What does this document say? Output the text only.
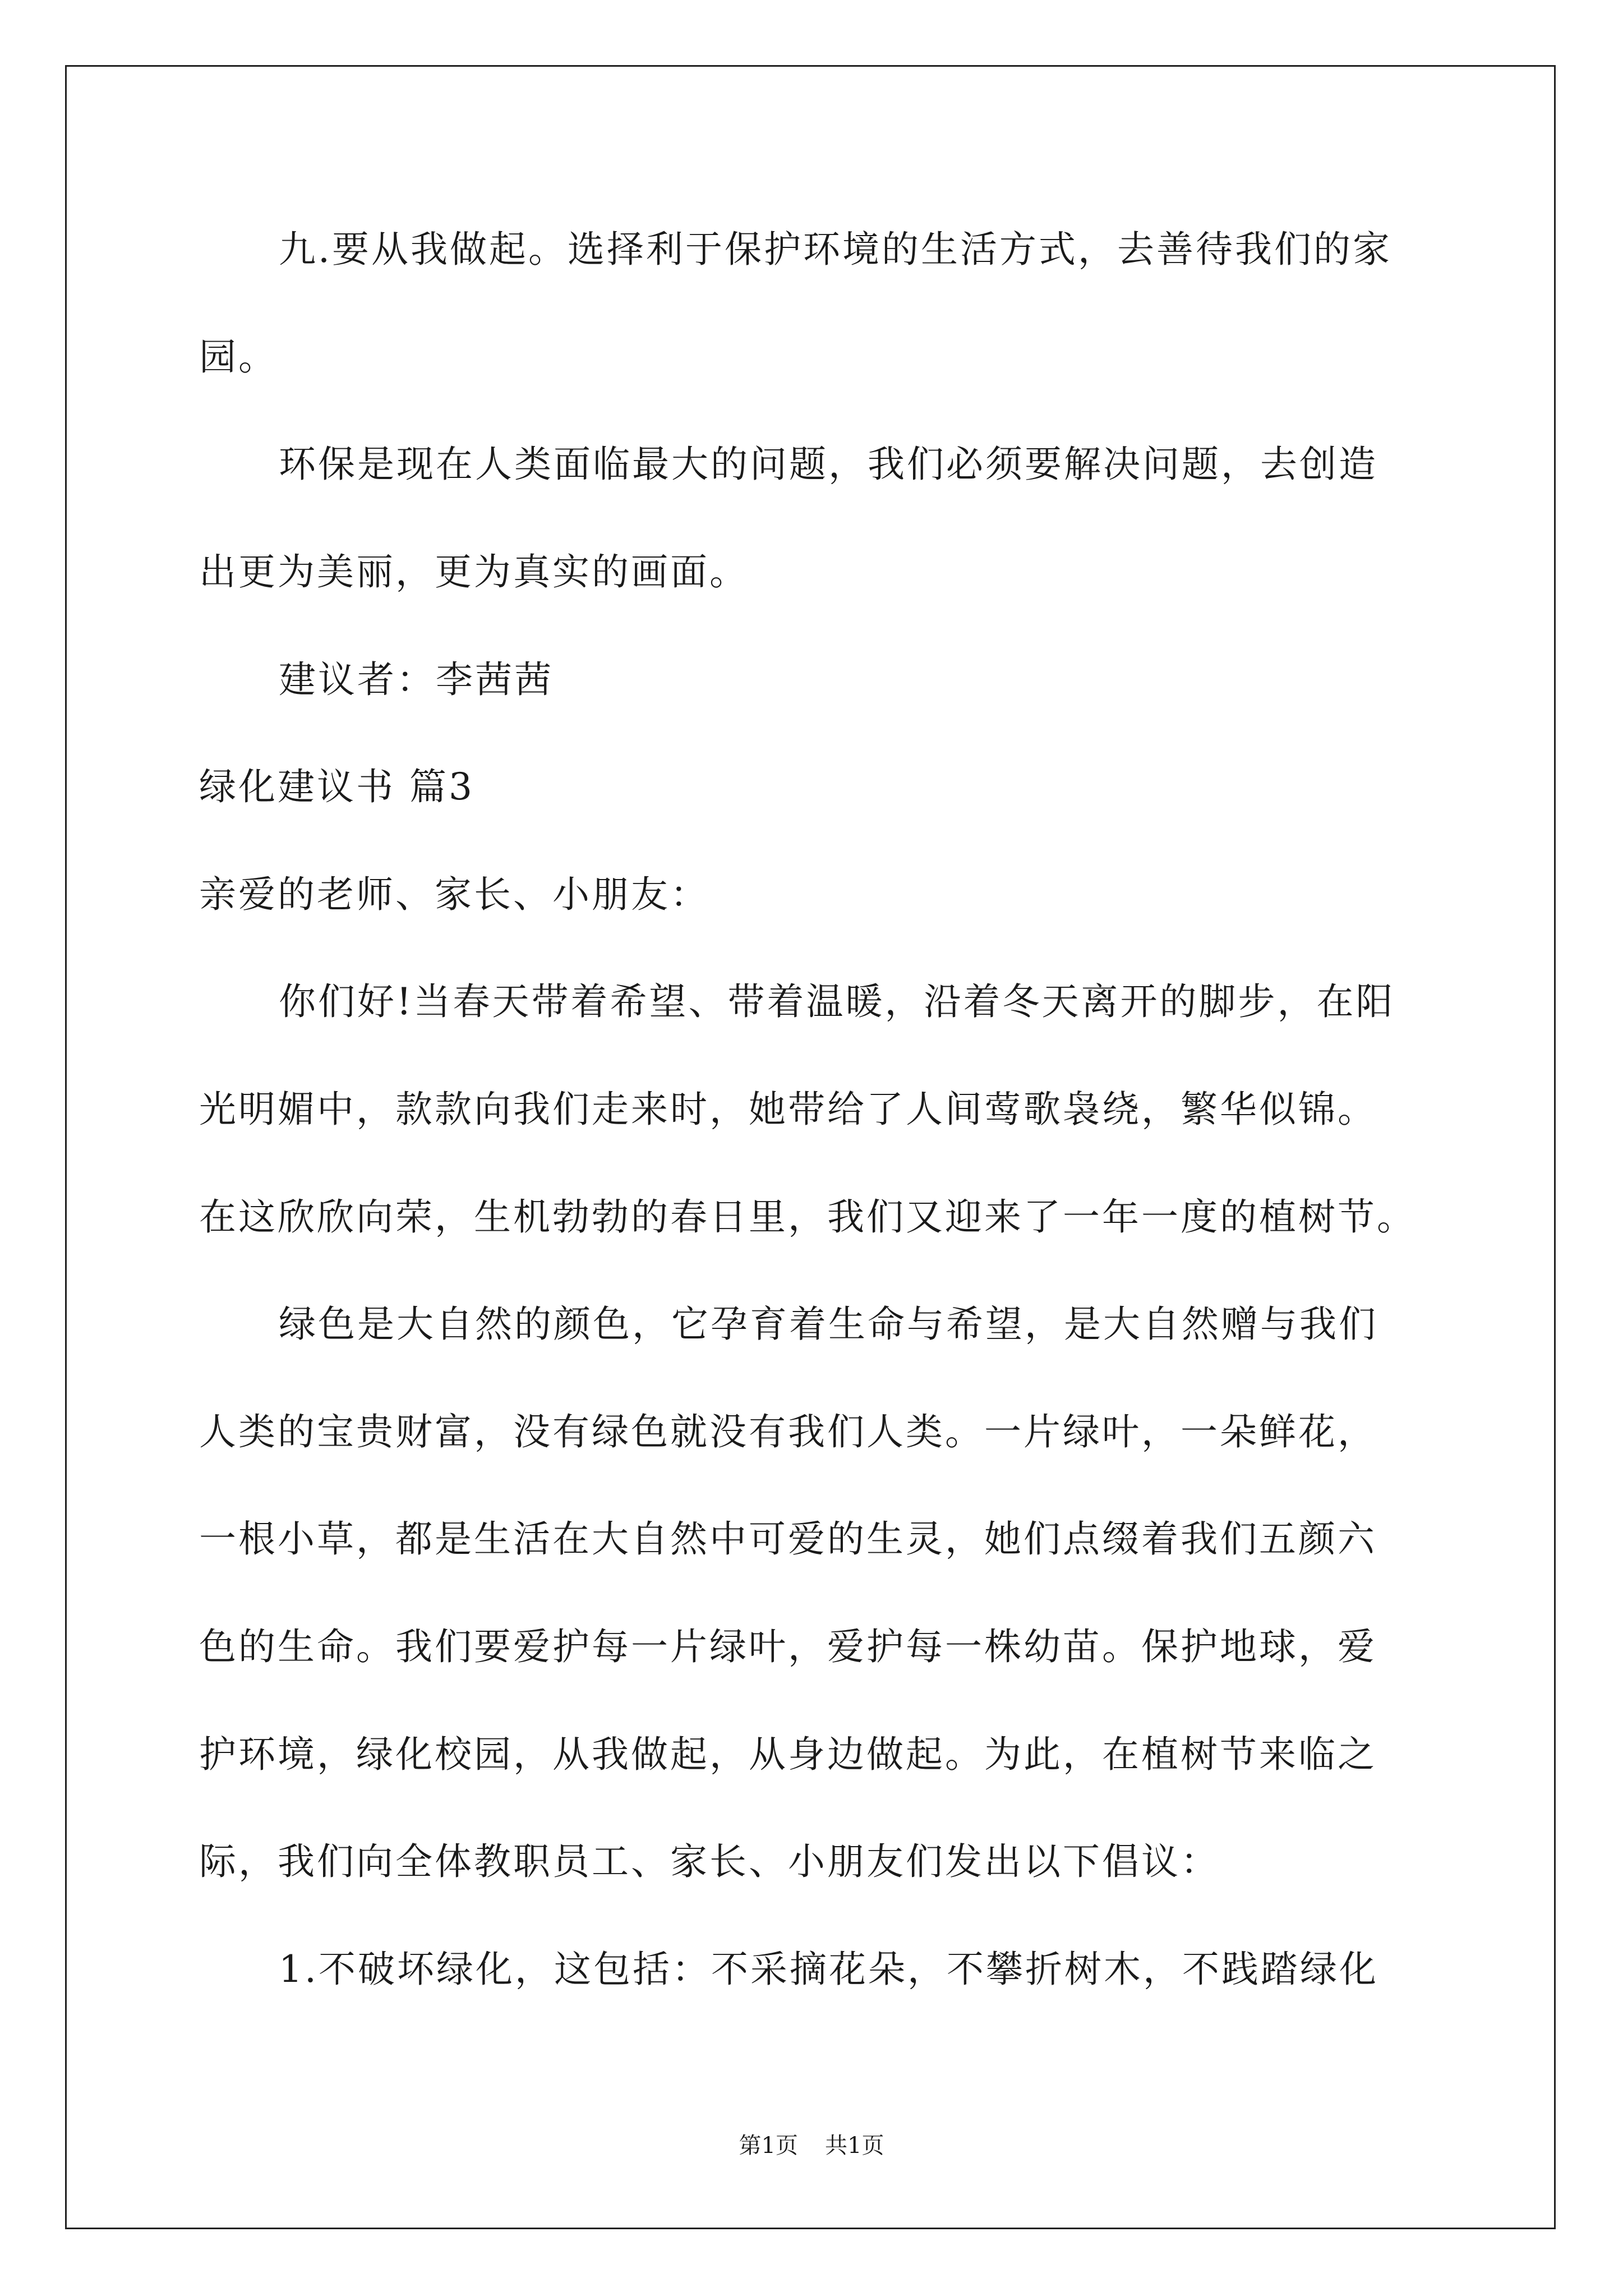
九.要从我做起。选择利于保护环境的生活方式，去善待我们的家
园。
环保是现在人类面临最大的问题，我们必须要解决问题，去创造
出更为美丽，更为真实的画面。
建议者：李茜茜
绿化建议书 篇3
亲爱的老师、家长、小朋友：
你们好!当春天带着希望、带着温暖，沿着冬天离开的脚步，在阳
光明媚中，款款向我们走来时，她带给了人间莺歌袅绕，繁华似锦。
在这欣欣向荣，生机勃勃的春日里，我们又迎来了一年一度的植树节。
绿色是大自然的颜色，它孕育着生命与希望，是大自然赠与我们
人类的宝贵财富，没有绿色就没有我们人类。一片绿叶，一朵鲜花，
一根小草，都是生活在大自然中可爱的生灵，她们点缀着我们五颜六
色的生命。我们要爱护每一片绿叶，爱护每一株幼苗。保护地球，爱
护环境，绿化校园，从我做起，从身边做起。为此，在植树节来临之
际，我们向全体教职员工、家长、小朋友们发出以下倡议：
1.不破坏绿化，这包括：不采摘花朵，不攀折树木，不践踏绿化
第1页 共1页
